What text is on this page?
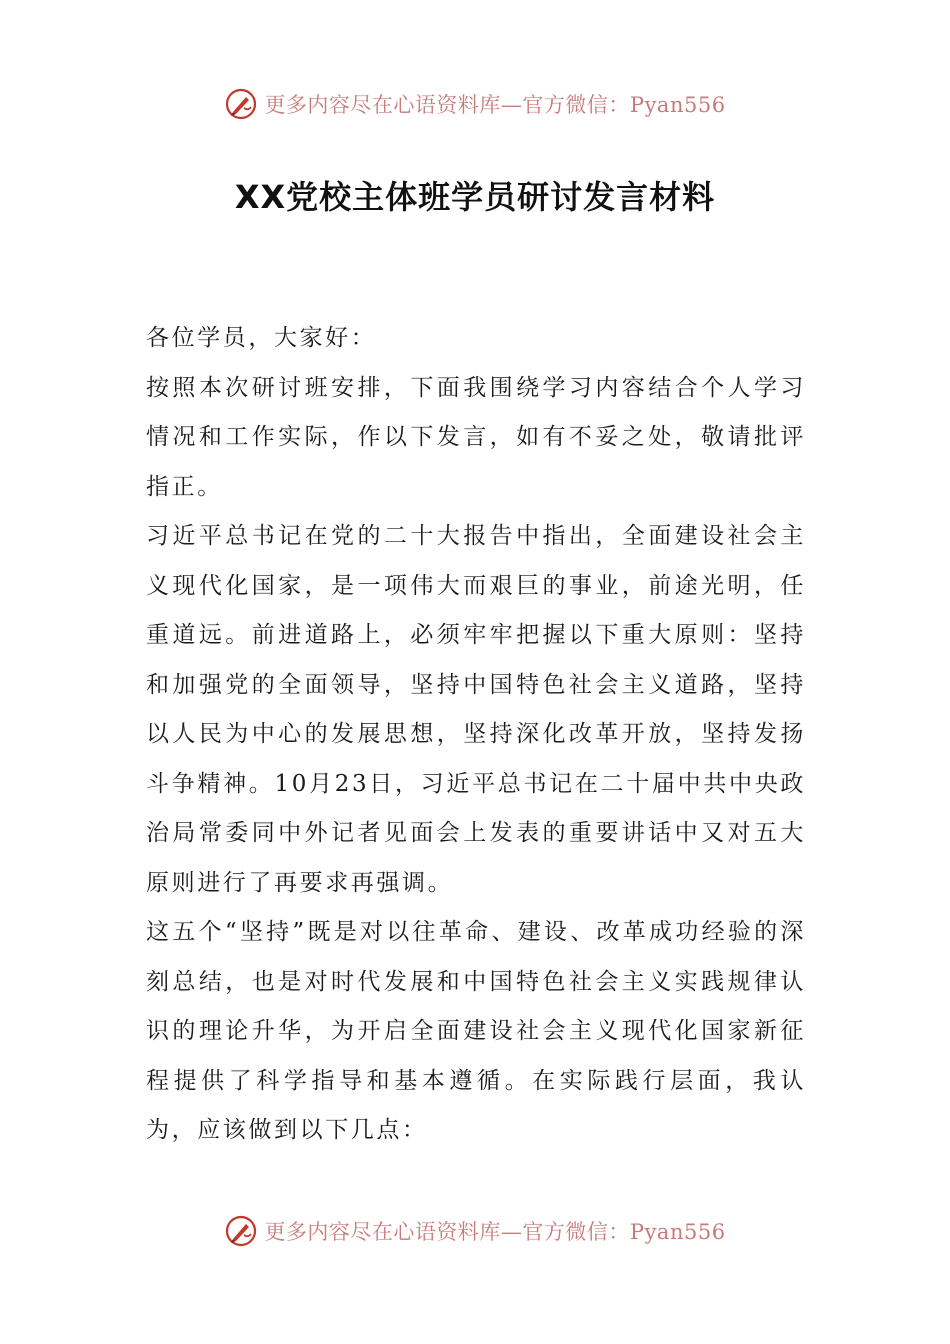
更多内容尽在心语资料库—官方微信：Pyan556
XX党校主体班学员研讨发言材料

各位学员，大家好：

按照本次研讨班安排，下面我围绕学习内容结合个人学习情况和工作实际，作以下发言，如有不妥之处，敬请批评指正。

习近平总书记在党的二十大报告中指出，全面建设社会主义现代化国家，是一项伟大而艰巨的事业，前途光明，任重道远。前进道路上，必须牢牢把握以下重大原则：坚持和加强党的全面领导，坚持中国特色社会主义道路，坚持以人民为中心的发展思想，坚持深化改革开放，坚持发扬斗争精神。10月23日，习近平总书记在二十届中共中央政治局常委同中外记者见面会上发表的重要讲话中又对五大原则进行了再要求再强调。

这五个“坚持”既是对以往革命、建设、改革成功经验的深刻总结，也是对时代发展和中国特色社会主义实践规律认识的理论升华，为开启全面建设社会主义现代化国家新征程提供了科学指导和基本遵循。在实际践行层面，我认为，应该做到以下几点：

更多内容尽在心语资料库—官方微信：Pyan556
